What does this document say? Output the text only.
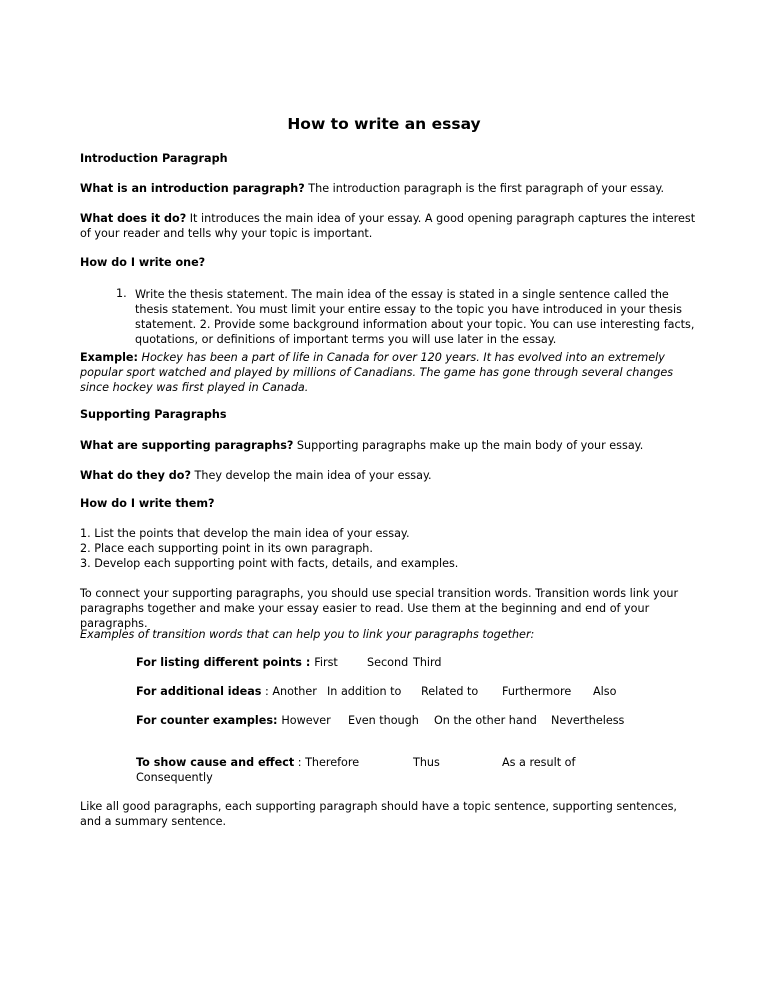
How to write an essay
Introduction Paragraph
What is an introduction paragraph? The introduction paragraph is the first paragraph of your essay.
What does it do? It introduces the main idea of your essay. A good opening paragraph captures the interest of your reader and tells why your topic is important.
How do I write one?
1. Write the thesis statement. The main idea of the essay is stated in a single sentence called the thesis statement. You must limit your entire essay to the topic you have introduced in your thesis statement. 2. Provide some background information about your topic. You can use interesting facts, quotations, or definitions of important terms you will use later in the essay.
Example: Hockey has been a part of life in Canada for over 120 years. It has evolved into an extremely popular sport watched and played by millions of Canadians. The game has gone through several changes since hockey was first played in Canada.
Supporting Paragraphs
What are supporting paragraphs? Supporting paragraphs make up the main body of your essay.
What do they do? They develop the main idea of your essay.
How do I write them?
1. List the points that develop the main idea of your essay.
2. Place each supporting point in its own paragraph.
3. Develop each supporting point with facts, details, and examples.
To connect your supporting paragraphs, you should use special transition words. Transition words link your paragraphs together and make your essay easier to read. Use them at the beginning and end of your paragraphs.
Examples of transition words that can help you to link your paragraphs together:
For listing different points : First	Second Third
For additional ideas : Another In addition to Related to Furthermore Also
For counter examples: However Even though On the other hand Nevertheless
To show cause and effect : Therefore	Thus	As a result of
Consequently
Like all good paragraphs, each supporting paragraph should have a topic sentence, supporting sentences, and a summary sentence.
